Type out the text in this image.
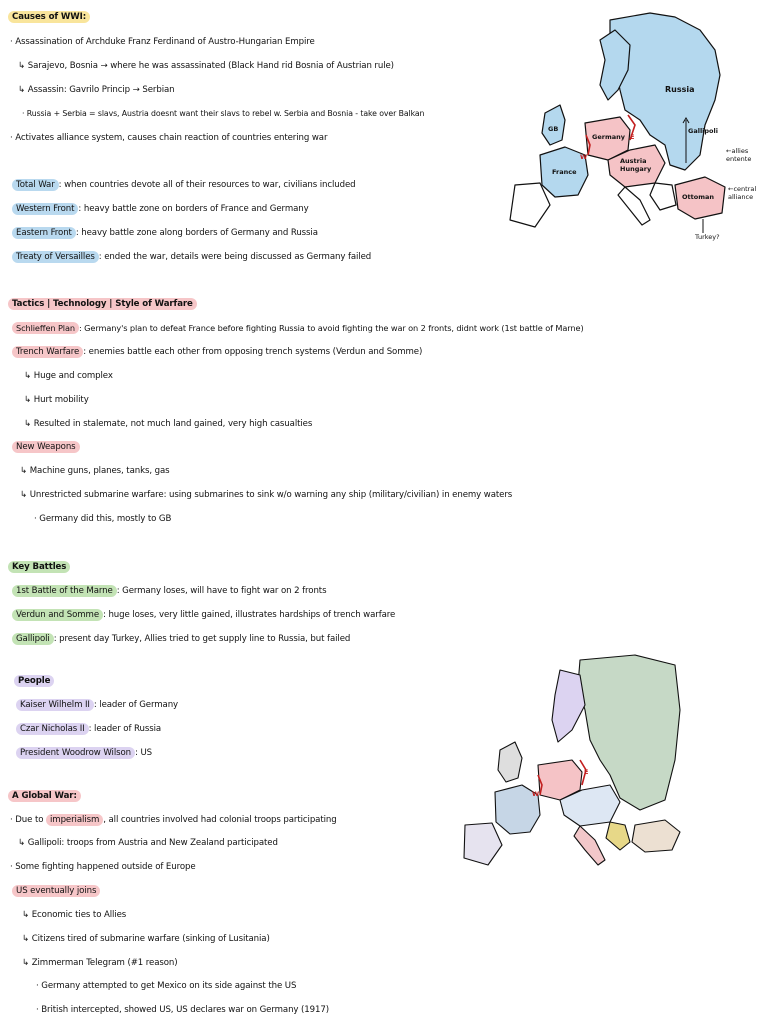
Causes of WWI:
· Assassination of Archduke Franz Ferdinand of Austro-Hungarian Empire
↳ Sarajevo, Bosnia → where he was assassinated (Black Hand rid Bosnia of Austrian rule)
↳ Assassin: Gavrilo Princip → Serbian
· Russia + Serbia = slavs, Austria doesnt want their slavs to rebel w. Serbia and Bosnia - take over Balkan
· Activates alliance system, causes chain reaction of countries entering war
Total War : when countries devote all of their resources to war, civilians included
Western Front : heavy battle zone on borders of France and Germany
Eastern Front : heavy battle zone along borders of Germany and Russia
Treaty of Versailles : ended the war, details were being discussed as Germany failed
Tactics | Technology | Style of Warfare
Schlieffen Plan : Germany's plan to defeat France before fighting Russia to avoid fighting the war on 2 fronts, didnt work (1st battle of Marne)
Trench Warfare : enemies battle each other from opposing trench systems (Verdun and Somme)
↳ Huge and complex
↳ Hurt mobility
↳ Resulted in stalemate, not much land gained, very high casualties
New Weapons
↳ Machine guns, planes, tanks, gas
↳ Unrestricted submarine warfare: using submarines to sink w/o warning any ship (military/civilian) in enemy waters
· Germany did this, mostly to GB
Key Battles
1st Battle of the Marne : Germany loses, will have to fight war on 2 fronts
Verdun and Somme : huge loses, very little gained, illustrates hardships of trench warfare
Gallipoli : present day Turkey, Allies tried to get supply line to Russia, but failed
People
Kaiser Wilhelm II : leader of Germany
Czar Nicholas II : leader of Russia
President Woodrow Wilson : US
A Global War:
· Due to imperialism , all countries involved had colonial troops participating
↳ Gallipoli: troops from Austria and New Zealand participated
· Some fighting happened outside of Europe
US eventually joins
↳ Economic ties to Allies
↳ Citizens tired of submarine warfare (sinking of Lusitania)
↳ Zimmerman Telegram (#1 reason)
· Germany attempted to get Mexico on its side against the US
· British intercepted, showed US, US declares war on Germany (1917)
Russia
GB
France
Germany
W
E
Austria
Hungary
Ottoman
Gallipoli
←allies
entente
←central
alliance
Turkey?
W
E
